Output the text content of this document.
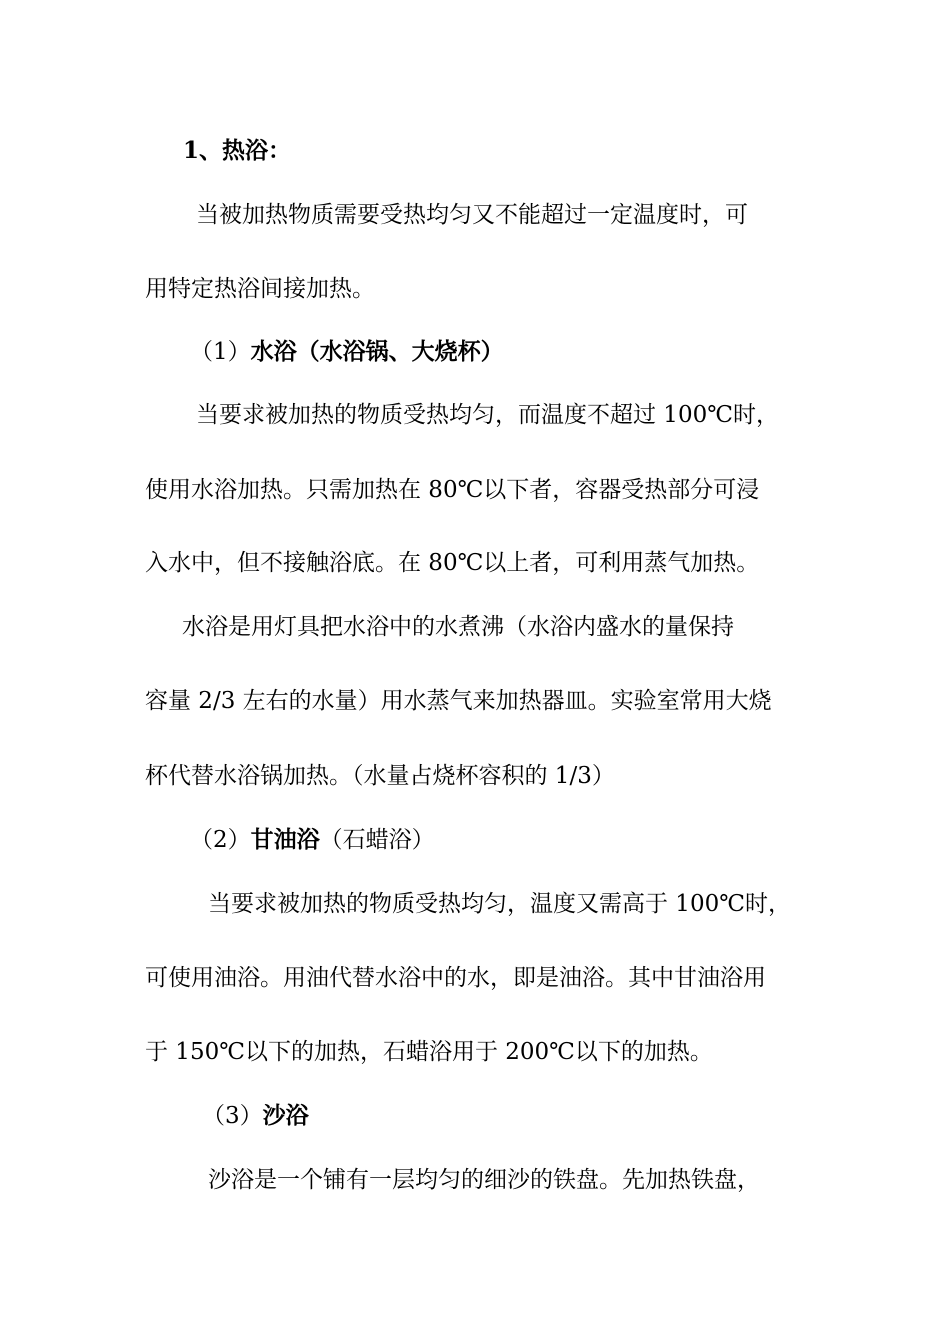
1、热浴：
当被加热物质需要受热均匀又不能超过一定温度时，可
用特定热浴间接加热。
（1）水浴（水浴锅、大烧杯）
当要求被加热的物质受热均匀，而温度不超过 100℃时，
使用水浴加热。只需加热在 80℃以下者，容器受热部分可浸
入水中，但不接触浴底。在 80℃以上者，可利用蒸气加热。
水浴是用灯具把水浴中的水煮沸（水浴内盛水的量保持
容量 2/3 左右的水量）用水蒸气来加热器皿。实验室常用大烧
杯代替水浴锅加热。（水量占烧杯容积的 1/3）
（2）甘油浴（石蜡浴）
当要求被加热的物质受热均匀，温度又需高于 100℃时，
可使用油浴。用油代替水浴中的水，即是油浴。其中甘油浴用
于 150℃以下的加热，石蜡浴用于 200℃以下的加热。
（3）沙浴
沙浴是一个铺有一层均匀的细沙的铁盘。先加热铁盘，
